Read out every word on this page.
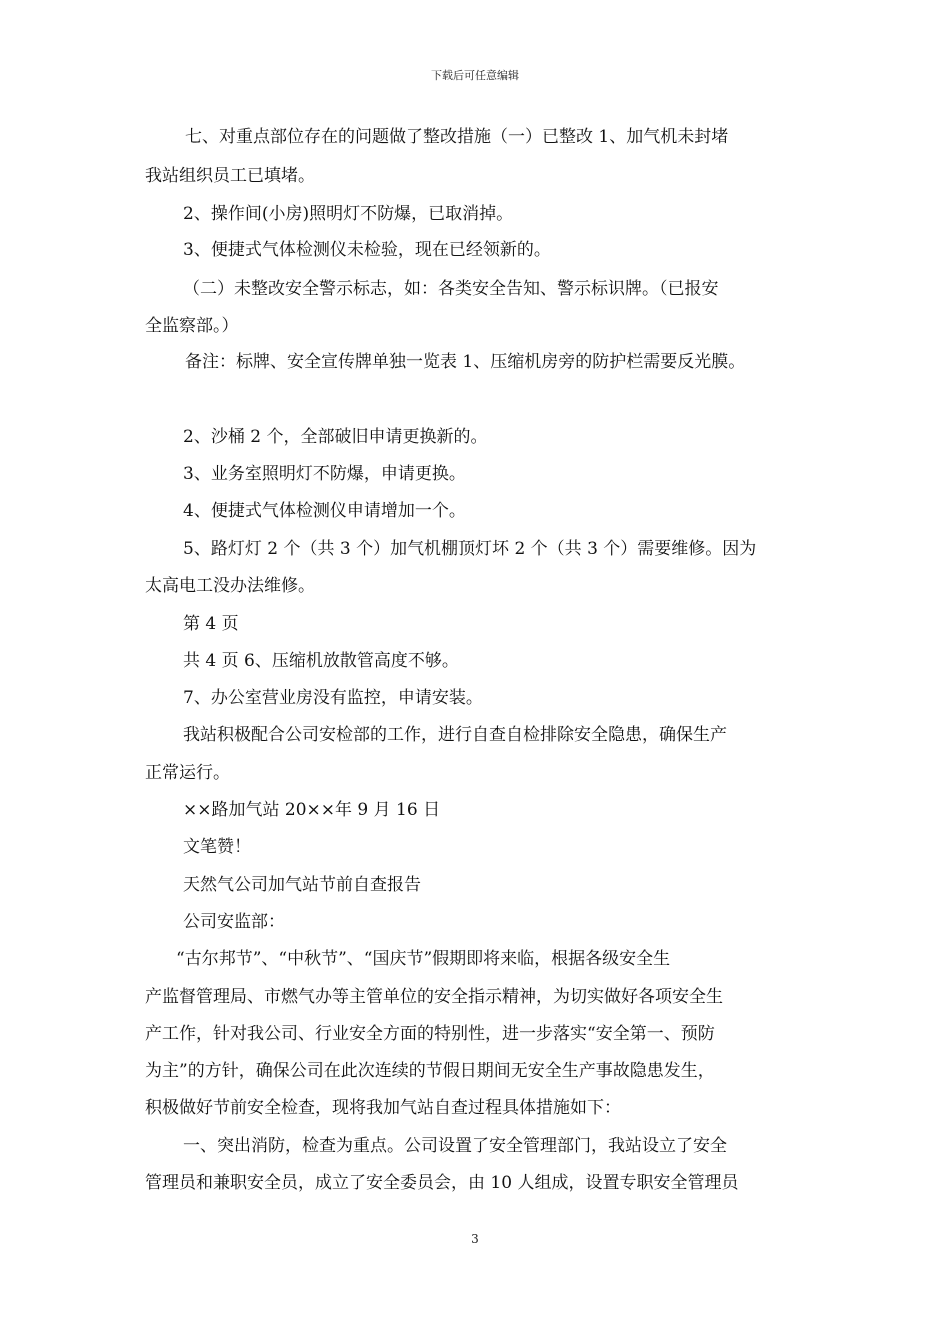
下载后可任意编辑
七、对重点部位存在的问题做了整改措施（一）已整改 1、加气机未封堵
我站组织员工已填堵。
2、操作间(小房)照明灯不防爆，已取消掉。
3、便捷式气体检测仪未检验，现在已经领新的。
（二）未整改安全警示标志，如：各类安全告知、警示标识牌。（已报安
全监察部。）
备注：标牌、安全宣传牌单独一览表 1、压缩机房旁的防护栏需要反光膜。
2、沙桶 2 个，全部破旧申请更换新的。
3、业务室照明灯不防爆，申请更换。
4、便捷式气体检测仪申请增加一个。
5、路灯灯 2 个（共 3 个）加气机棚顶灯坏 2 个（共 3 个）需要维修。因为
太高电工没办法维修。
第 4 页
共 4 页 6、压缩机放散管高度不够。
7、办公室营业房没有监控，申请安装。
我站积极配合公司安检部的工作，进行自查自检排除安全隐患，确保生产
正常运行。
××路加气站 20××年 9 月 16 日
文笔赞！
天然气公司加气站节前自查报告
公司安监部：
“古尔邦节”、“中秋节”、“国庆节”假期即将来临，根据各级安全生
产监督管理局、市燃气办等主管单位的安全指示精神，为切实做好各项安全生
产工作，针对我公司、行业安全方面的特别性，进一步落实“安全第一、预防
为主”的方针，确保公司在此次连续的节假日期间无安全生产事故隐患发生，
积极做好节前安全检查，现将我加气站自查过程具体措施如下：
一、突出消防，检查为重点。公司设置了安全管理部门，我站设立了安全
管理员和兼职安全员，成立了安全委员会，由 10 人组成，设置专职安全管理员
3
